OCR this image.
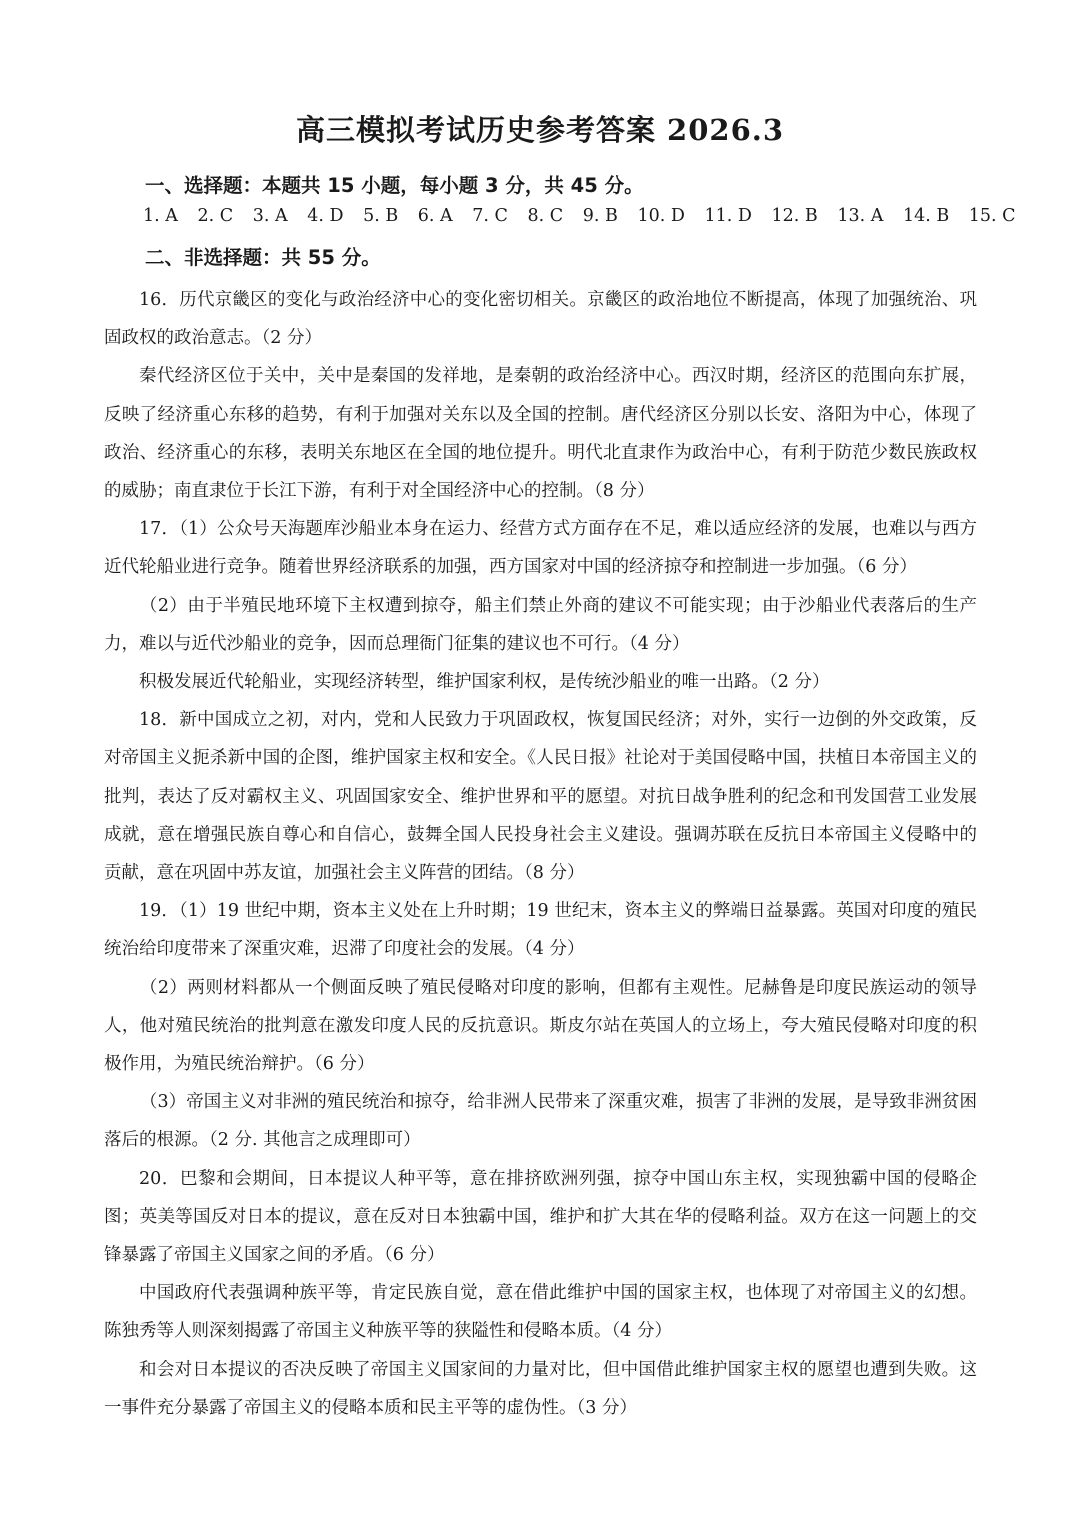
高三模拟考试历史参考答案 2026.3
一、选择题：本题共 15 小题，每小题 3 分，共 45 分。
1. A 2. C 3. A 4. D 5. B 6. A 7. C 8. C 9. B 10. D 11. D 12. B 13. A 14. B 15. C
二、非选择题：共 55 分。

16．历代京畿区的变化与政治经济中心的变化密切相关。京畿区的政治地位不断提高，体现了加强统治、巩固政权的政治意志。（2 分）

秦代经济区位于关中，关中是秦国的发祥地，是秦朝的政治经济中心。西汉时期，经济区的范围向东扩展，反映了经济重心东移的趋势，有利于加强对关东以及全国的控制。唐代经济区分别以长安、洛阳为中心，体现了政治、经济重心的东移，表明关东地区在全国的地位提升。明代北直隶作为政治中心，有利于防范少数民族政权的威胁；南直隶位于长江下游，有利于对全国经济中心的控制。（8 分）

17．（1）公众号天海题库沙船业本身在运力、经营方式方面存在不足，难以适应经济的发展，也难以与西方近代轮船业进行竞争。随着世界经济联系的加强，西方国家对中国的经济掠夺和控制进一步加强。（6 分）

（2）由于半殖民地环境下主权遭到掠夺，船主们禁止外商的建议不可能实现；由于沙船业代表落后的生产力，难以与近代沙船业的竞争，因而总理衙门征集的建议也不可行。（4 分）

积极发展近代轮船业，实现经济转型，维护国家利权，是传统沙船业的唯一出路。（2 分）

18．新中国成立之初，对内，党和人民致力于巩固政权，恢复国民经济；对外，实行一边倒的外交政策，反对帝国主义扼杀新中国的企图，维护国家主权和安全。《人民日报》社论对于美国侵略中国，扶植日本帝国主义的批判，表达了反对霸权主义、巩固国家安全、维护世界和平的愿望。对抗日战争胜利的纪念和刊发国营工业发展成就，意在增强民族自尊心和自信心，鼓舞全国人民投身社会主义建设。强调苏联在反抗日本帝国主义侵略中的贡献，意在巩固中苏友谊，加强社会主义阵营的团结。（8 分）

19．（1）19 世纪中期，资本主义处在上升时期；19 世纪末，资本主义的弊端日益暴露。英国对印度的殖民统治给印度带来了深重灾难，迟滞了印度社会的发展。（4 分）

（2）两则材料都从一个侧面反映了殖民侵略对印度的影响，但都有主观性。尼赫鲁是印度民族运动的领导人，他对殖民统治的批判意在激发印度人民的反抗意识。斯皮尔站在英国人的立场上，夸大殖民侵略对印度的积极作用，为殖民统治辩护。（6 分）

（3）帝国主义对非洲的殖民统治和掠夺，给非洲人民带来了深重灾难，损害了非洲的发展，是导致非洲贫困落后的根源。（2 分. 其他言之成理即可）

20．巴黎和会期间，日本提议人种平等，意在排挤欧洲列强，掠夺中国山东主权，实现独霸中国的侵略企图；英美等国反对日本的提议，意在反对日本独霸中国，维护和扩大其在华的侵略利益。双方在这一问题上的交锋暴露了帝国主义国家之间的矛盾。（6 分）

中国政府代表强调种族平等，肯定民族自觉，意在借此维护中国的国家主权，也体现了对帝国主义的幻想。陈独秀等人则深刻揭露了帝国主义种族平等的狭隘性和侵略本质。（4 分）

和会对日本提议的否决反映了帝国主义国家间的力量对比，但中国借此维护国家主权的愿望也遭到失败。这一事件充分暴露了帝国主义的侵略本质和民主平等的虚伪性。（3 分）
